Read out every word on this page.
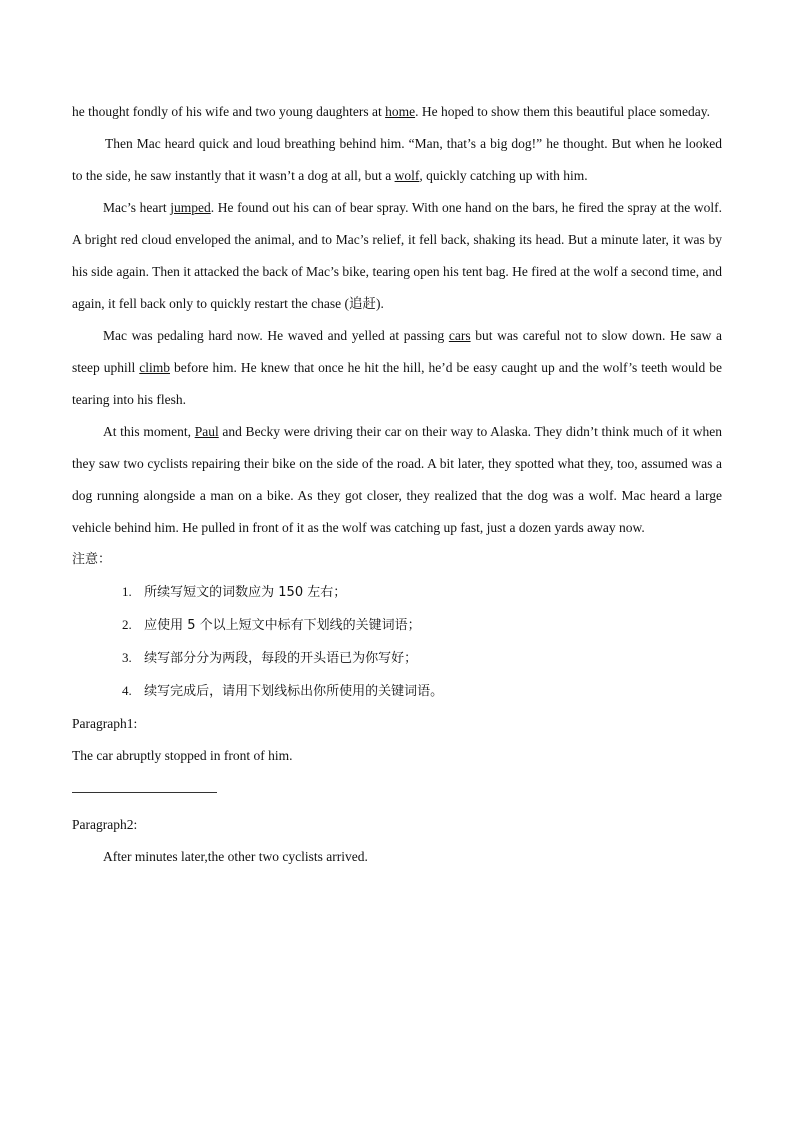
he thought fondly of his wife and two young daughters at home. He hoped to show them this beautiful place someday.

Then Mac heard quick and loud breathing behind him. “Man, that’s a big dog!” he thought. But when he looked to the side, he saw instantly that it wasn’t a dog at all, but a wolf, quickly catching up with him.

Mac’s heart jumped. He found out his can of bear spray. With one hand on the bars, he fired the spray at the wolf. A bright red cloud enveloped the animal, and to Mac’s relief, it fell back, shaking its head. But a minute later, it was by his side again. Then it attacked the back of Mac’s bike, tearing open his tent bag. He fired at the wolf a second time, and again, it fell back only to quickly restart the chase (追赶).

Mac was pedaling hard now. He waved and yelled at passing cars but was careful not to slow down. He saw a steep uphill climb before him. He knew that once he hit the hill, he’d be easy caught up and the wolf’s teeth would be tearing into his flesh.

At this moment, Paul and Becky were driving their car on their way to Alaska. They didn’t think much of it when they saw two cyclists repairing their bike on the side of the road. A bit later, they spotted what they, too, assumed was a dog running alongside a man on a bike. As they got closer, they realized that the dog was a wolf. Mac heard a large vehicle behind him. He pulled in front of it as the wolf was catching up fast, just a dozen yards away now.

注意：

1. 所续写短文的词数应为 150 左右；
2. 应使用 5 个以上短文中标有下划线的关键词语；
3. 续写部分分为两段，每段的开头语已为你写好；
4. 续写完成后，请用下划线标出你所使用的关键词语。

Paragraph1:

The car abruptly stopped in front of him.

Paragraph2:

After minutes later,the other two cyclists arrived.
